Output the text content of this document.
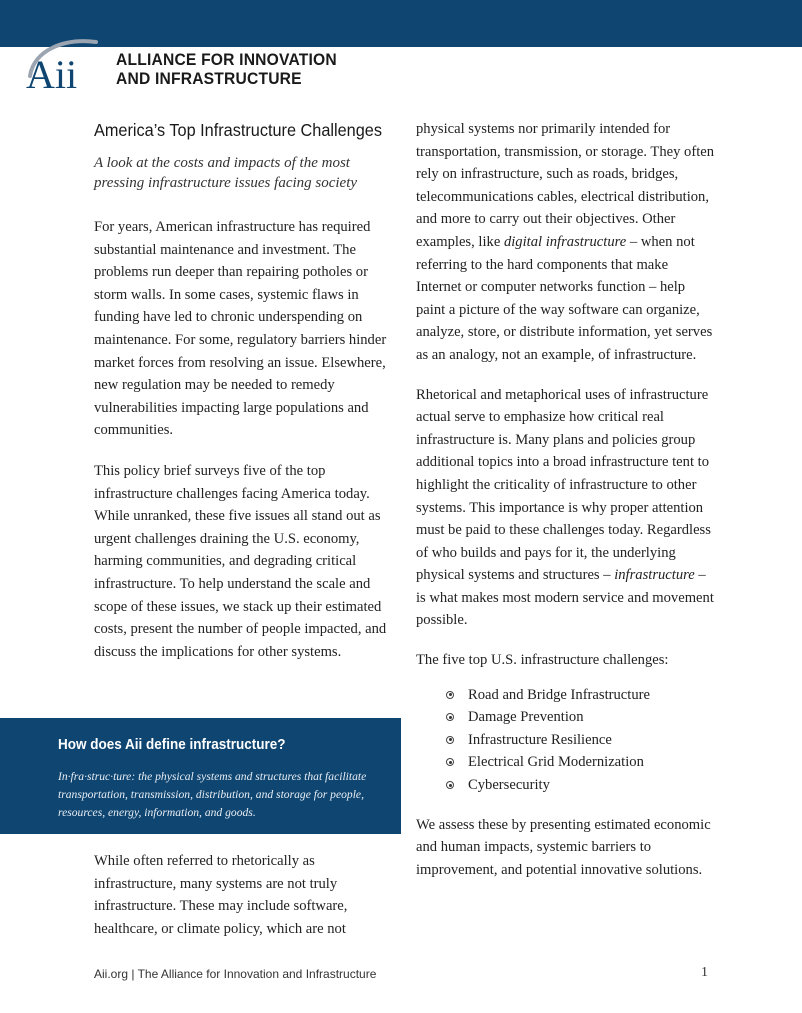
Aii ALLIANCE FOR INNOVATION
AND INFRASTRUCTURE
America’s Top Infrastructure Challenges

A look at the costs and impacts of the most pressing infrastructure issues facing society

For years, American infrastructure has required substantial maintenance and investment. The problems run deeper than repairing potholes or storm walls. In some cases, systemic flaws in funding have led to chronic underspending on maintenance. For some, regulatory barriers hinder market forces from resolving an issue. Elsewhere, new regulation may be needed to remedy vulnerabilities impacting large populations and communities.

This policy brief surveys five of the top infrastructure challenges facing America today. While unranked, these five issues all stand out as urgent challenges draining the U.S. economy, harming communities, and degrading critical infrastructure. To help understand the scale and scope of these issues, we stack up their estimated costs, present the number of people impacted, and discuss the implications for other systems.

How does Aii define infrastructure?
In·fra·struc·ture: the physical systems and structures that facilitate transportation, transmission, distribution, and storage for people, resources, energy, information, and goods.

While often referred to rhetorically as infrastructure, many systems are not truly infrastructure. These may include software, healthcare, or climate policy, which are not

physical systems nor primarily intended for transportation, transmission, or storage. They often rely on infrastructure, such as roads, bridges, telecommunications cables, electrical distribution, and more to carry out their objectives. Other examples, like digital infrastructure – when not referring to the hard components that make Internet or computer networks function – help paint a picture of the way software can organize, analyze, store, or distribute information, yet serves as an analogy, not an example, of infrastructure.

Rhetorical and metaphorical uses of infrastructure actual serve to emphasize how critical real infrastructure is. Many plans and policies group additional topics into a broad infrastructure tent to highlight the criticality of infrastructure to other systems. This importance is why proper attention must be paid to these challenges today. Regardless of who builds and pays for it, the underlying physical systems and structures – infrastructure – is what makes most modern service and movement possible.

The five top U.S. infrastructure challenges:

Road and Bridge Infrastructure
Damage Prevention
Infrastructure Resilience
Electrical Grid Modernization
Cybersecurity

We assess these by presenting estimated economic and human impacts, systemic barriers to improvement, and potential innovative solutions.

Aii.org | The Alliance for Innovation and Infrastructure	1
